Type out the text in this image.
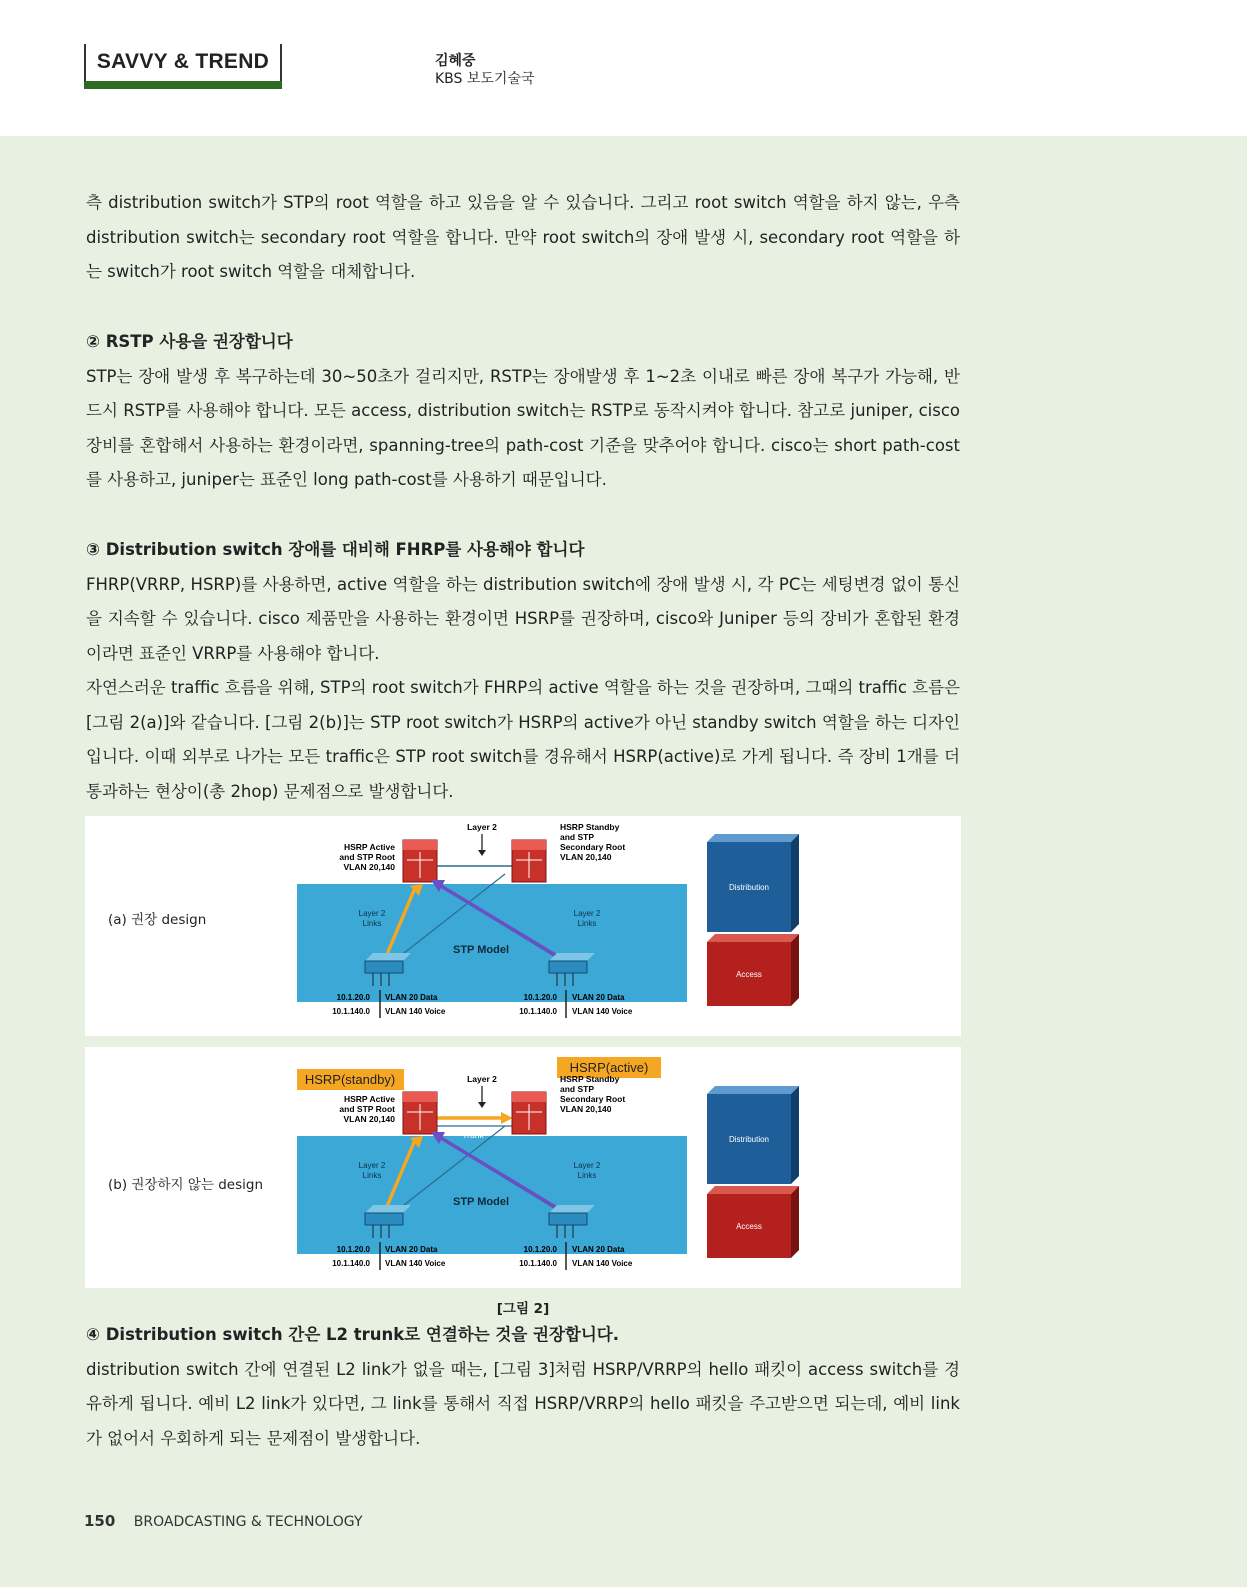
SAVVY & TREND	김혜중
KBS 보도기술국
측 distribution switch가 STP의 root 역할을 하고 있음을 알 수 있습니다. 그리고 root switch 역할을 하지 않는, 우측 distribution switch는 secondary root 역할을 합니다. 만약 root switch의 장애 발생 시, secondary root 역할을 하는 switch가 root switch 역할을 대체합니다.
② RSTP 사용을 권장합니다
STP는 장애 발생 후 복구하는데 30~50초가 걸리지만, RSTP는 장애발생 후 1~2초 이내로 빠른 장애 복구가 가능해, 반드시 RSTP를 사용해야 합니다. 모든 access, distribution switch는 RSTP로 동작시켜야 합니다. 참고로 juniper, cisco 장비를 혼합해서 사용하는 환경이라면, spanning-tree의 path-cost 기준을 맞추어야 합니다. cisco는 short path-cost를 사용하고, juniper는 표준인 long path-cost를 사용하기 때문입니다.
③ Distribution switch 장애를 대비해 FHRP를 사용해야 합니다
FHRP(VRRP, HSRP)를 사용하면, active 역할을 하는 distribution switch에 장애 발생 시, 각 PC는 세팅변경 없이 통신을 지속할 수 있습니다. cisco 제품만을 사용하는 환경이면 HSRP를 권장하며, cisco와 Juniper 등의 장비가 혼합된 환경이라면 표준인 VRRP를 사용해야 합니다.
자연스러운 traffic 흐름을 위해, STP의 root switch가 FHRP의 active 역할을 하는 것을 권장하며, 그때의 traffic 흐름은 [그림 2(a)]와 같습니다. [그림 2(b)]는 STP root switch가 HSRP의 active가 아닌 standby switch 역할을 하는 디자인입니다. 이때 외부로 나가는 모든 traffic은 STP root switch를 경유해서 HSRP(active)로 가게 됩니다. 즉 장비 1개를 더 통과하는 현상이(총 2hop) 문제점으로 발생합니다.
(a) 권장 design
Trunk
Layer 2
HSRP Active
and STP Root
VLAN 20,140
HSRP Standby
and STP
Secondary Root
VLAN 20,140
Layer 2
Links
Layer 2
Links
STP Model
10.1.20.0
10.1.140.0
VLAN 20 Data
VLAN 140 Voice
10.1.20.0
10.1.140.0
VLAN 20 Data
VLAN 140 Voice
Distribution
Access
(b) 권장하지 않는 design
HSRP(standby)
HSRP(active)
Trunk
Layer 2
HSRP Active
and STP Root
VLAN 20,140
HSRP Standby
and STP
Secondary Root
VLAN 20,140
Layer 2
Links
Layer 2
Links
STP Model
10.1.20.0
10.1.140.0
VLAN 20 Data
VLAN 140 Voice
10.1.20.0
10.1.140.0
VLAN 20 Data
VLAN 140 Voice
Distribution
Access
[그림 2]
④ Distribution switch 간은 L2 trunk로 연결하는 것을 권장합니다.
distribution switch 간에 연결된 L2 link가 없을 때는, [그림 3]처럼 HSRP/VRRP의 hello 패킷이 access switch를 경유하게 됩니다. 예비 L2 link가 있다면, 그 link를 통해서 직접 HSRP/VRRP의 hello 패킷을 주고받으면 되는데, 예비 link가 없어서 우회하게 되는 문제점이 발생합니다.
150 BROADCASTING & TECHNOLOGY
